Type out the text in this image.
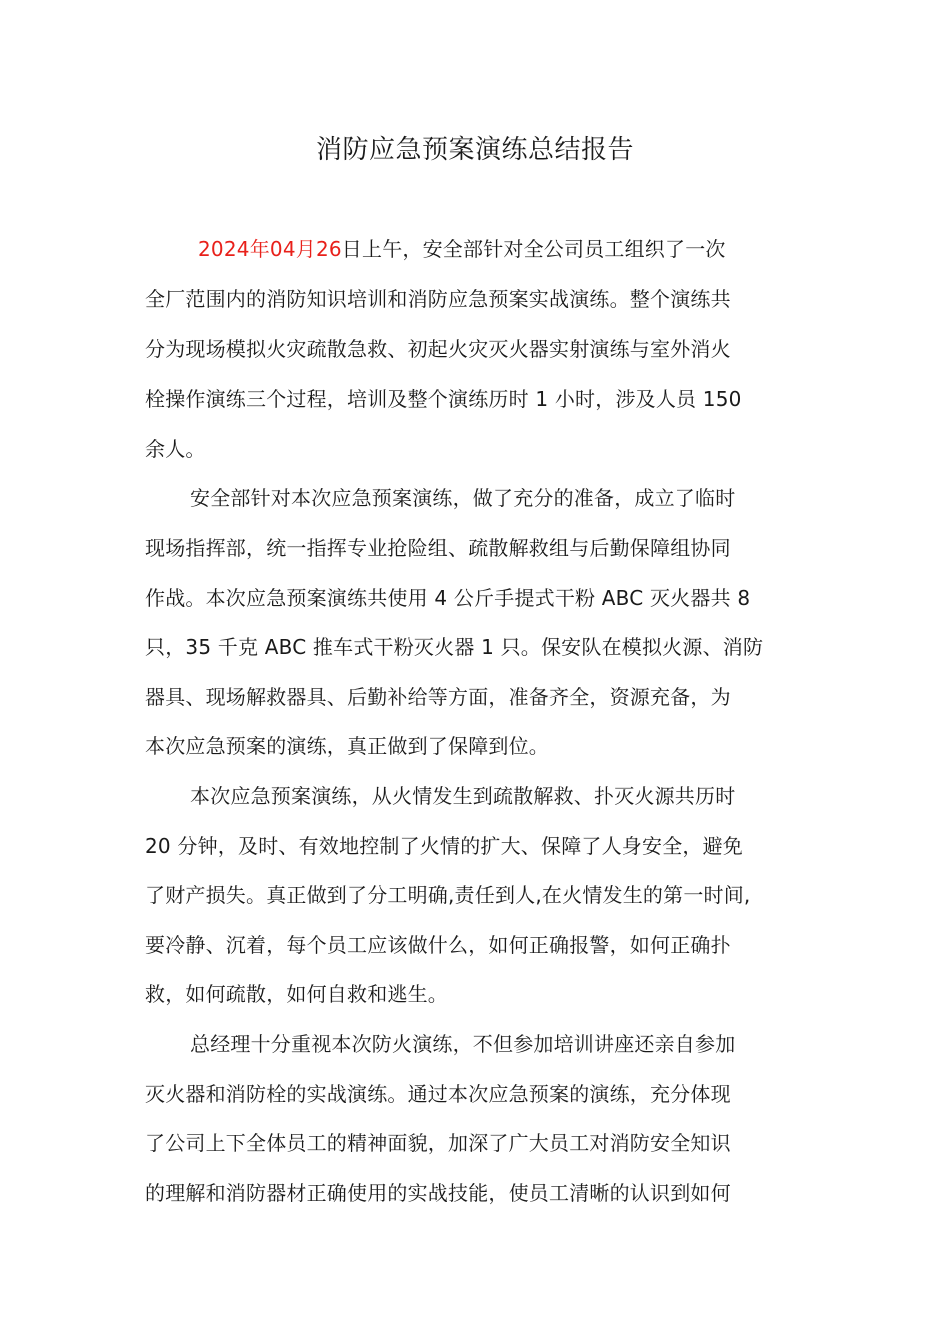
消防应急预案演练总结报告
2024年04月26日上午，安全部针对全公司员工组织了一次
全厂范围内的消防知识培训和消防应急预案实战演练。整个演练共
分为现场模拟火灾疏散急救、初起火灾灭火器实射演练与室外消火
栓操作演练三个过程，培训及整个演练历时 1 小时，涉及人员 150
余人。
安全部针对本次应急预案演练，做了充分的准备，成立了临时
现场指挥部，统一指挥专业抢险组、疏散解救组与后勤保障组协同
作战。本次应急预案演练共使用 4 公斤手提式干粉 ABC 灭火器共 8
只，35 千克 ABC 推车式干粉灭火器 1 只。保安队在模拟火源、消防
器具、现场解救器具、后勤补给等方面，准备齐全，资源充备，为
本次应急预案的演练，真正做到了保障到位。
本次应急预案演练，从火情发生到疏散解救、扑灭火源共历时
20 分钟，及时、有效地控制了火情的扩大、保障了人身安全，避免
了财产损失。真正做到了分工明确,责任到人,在火情发生的第一时间,
要冷静、沉着，每个员工应该做什么，如何正确报警，如何正确扑
救，如何疏散，如何自救和逃生。
总经理十分重视本次防火演练，不但参加培训讲座还亲自参加
灭火器和消防栓的实战演练。通过本次应急预案的演练，充分体现
了公司上下全体员工的精神面貌，加深了广大员工对消防安全知识
的理解和消防器材正确使用的实战技能，使员工清晰的认识到如何
